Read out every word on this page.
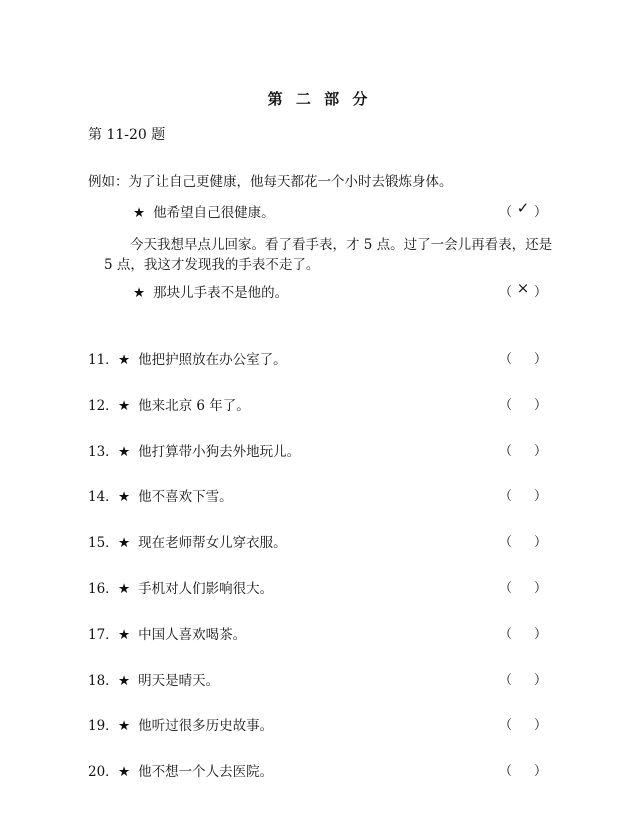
第 二 部 分
第 11-20 题
例如：为了让自己更健康，他每天都花一个小时去锻炼身体。
★ 他希望自己很健康。	（ ✓ ）
今天我想早点儿回家。看了看手表，才 5 点。过了一会儿再看表，还是
5 点，我这才发现我的手表不走了。
★ 那块儿手表不是他的。	（ × ）
11．★ 他把护照放在办公室了。	（ ）
12．★ 他来北京 6 年了。	（ ）
13．★ 他打算带小狗去外地玩儿。	（ ）
14．★ 他不喜欢下雪。	（ ）
15．★ 现在老师帮女儿穿衣服。	（ ）
16．★ 手机对人们影响很大。	（ ）
17．★ 中国人喜欢喝茶。	（ ）
18．★ 明天是晴天。	（ ）
19．★ 他听过很多历史故事。	（ ）
20．★ 他不想一个人去医院。	（ ）
